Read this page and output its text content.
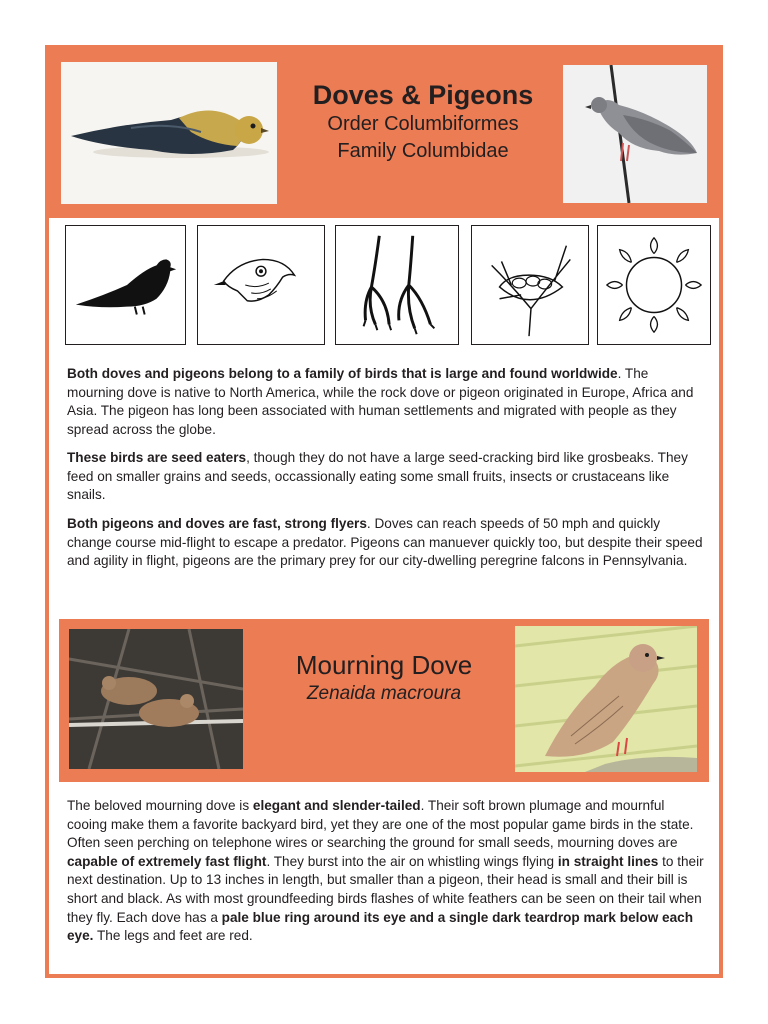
Doves & Pigeons
Order Columbiformes
Family Columbidae

Both doves and pigeons belong to a family of birds that is large and found worldwide. The mourning dove is native to North America, while the rock dove or pigeon originated in Europe, Africa and Asia. The pigeon has long been associated with human settlements and migrated with people as they spread across the globe.

These birds are seed eaters, though they do not have a large seed-cracking bird like grosbeaks. They feed on smaller grains and seeds, occassionally eating some small fruits, insects or crustaceans like snails.

Both pigeons and doves are fast, strong flyers. Doves can reach speeds of 50 mph and quickly change course mid-flight to escape a predator. Pigeons can manuever quickly too, but despite their speed and agility in flight, pigeons are the primary prey for our city-dwelling peregrine falcons in Pennsylvania.

Mourning Dove
Zenaida macroura

The beloved mourning dove is elegant and slender-tailed. Their soft brown plumage and mournful cooing make them a favorite backyard bird, yet they are one of the most popular game birds in the state. Often seen perching on telephone wires or searching the ground for small seeds, mourning doves are capable of extremely fast flight. They burst into the air on whistling wings flying in straight lines to their next destination. Up to 13 inches in length, but smaller than a pigeon, their head is small and their bill is short and black. As with most groundfeeding birds flashes of white feathers can be seen on their tail when they fly. Each dove has a pale blue ring around its eye and a single dark teardrop mark below each eye. The legs and feet are red.
